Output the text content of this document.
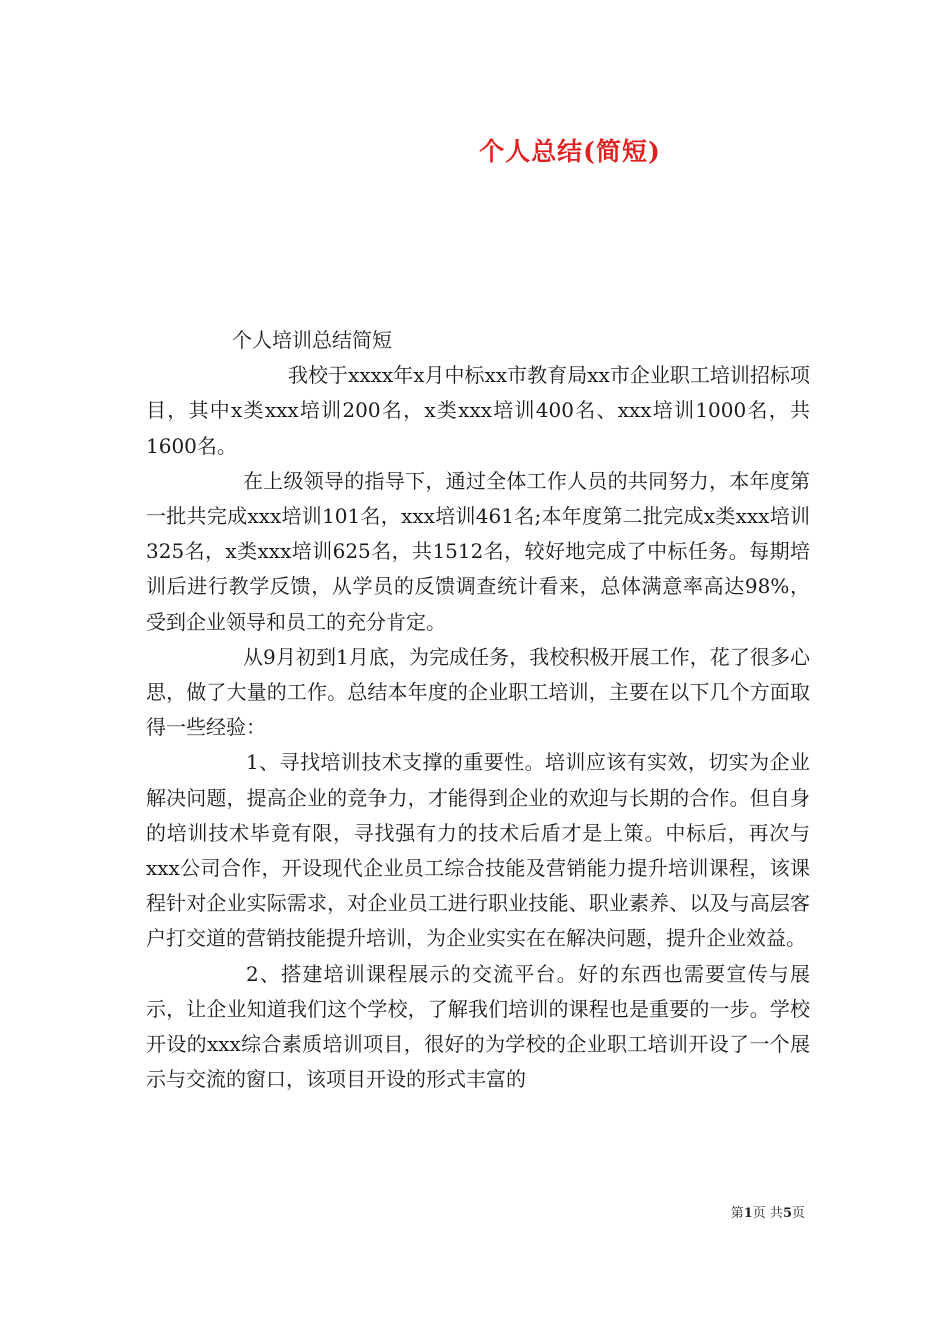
个人总结(简短)

个人培训总结简短

我校于xxxx年x月中标xx市教育局xx市企业职工培训招标项目，其中x类xxx培训200名，x类xxx培训400名、xxx培训1000名，共1600名。

在上级领导的指导下，通过全体工作人员的共同努力，本年度第一批共完成xxx培训101名，xxx培训461名;本年度第二批完成x类xxx培训325名，x类xxx培训625名，共1512名，较好地完成了中标任务。每期培训后进行教学反馈，从学员的反馈调查统计看来，总体满意率高达98%，受到企业领导和员工的充分肯定。

从9月初到1月底，为完成任务，我校积极开展工作，花了很多心思，做了大量的工作。总结本年度的企业职工培训，主要在以下几个方面取得一些经验：

1、寻找培训技术支撑的重要性。培训应该有实效，切实为企业解决问题，提高企业的竞争力，才能得到企业的欢迎与长期的合作。但自身的培训技术毕竟有限，寻找强有力的技术后盾才是上策。中标后，再次与xxx公司合作，开设现代企业员工综合技能及营销能力提升培训课程，该课程针对企业实际需求，对企业员工进行职业技能、职业素养、以及与高层客户打交道的营销技能提升培训，为企业实实在在解决问题，提升企业效益。

2、搭建培训课程展示的交流平台。好的东西也需要宣传与展示，让企业知道我们这个学校，了解我们培训的课程也是重要的一步。学校开设的xxx综合素质培训项目，很好的为学校的企业职工培训开设了一个展示与交流的窗口，该项目开设的形式丰富的

第1页 共5页
